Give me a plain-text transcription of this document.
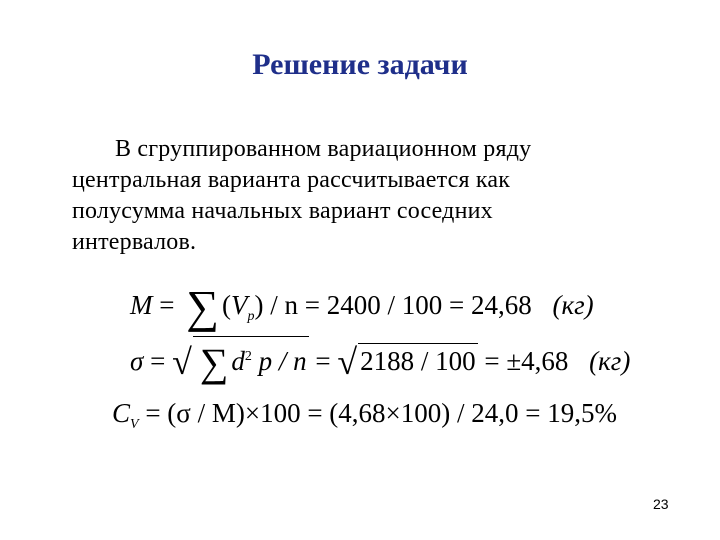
Решение задачи
В сгруппированном вариационном ряду
центральная варианта рассчитывается как
полусумма начальных вариант соседних
интервалов.
M = ∑ $(V_p) / n = 2400 / 100 = 24,68$ (кг)
σ = √ ∑ $d^2$ p / n = √ 2188 / 100 = ±4,68 (кг)
$C_V = (\sigma / M)\times 100 = (4,68\times 100) / 24,0 = 19,5\%$
23
